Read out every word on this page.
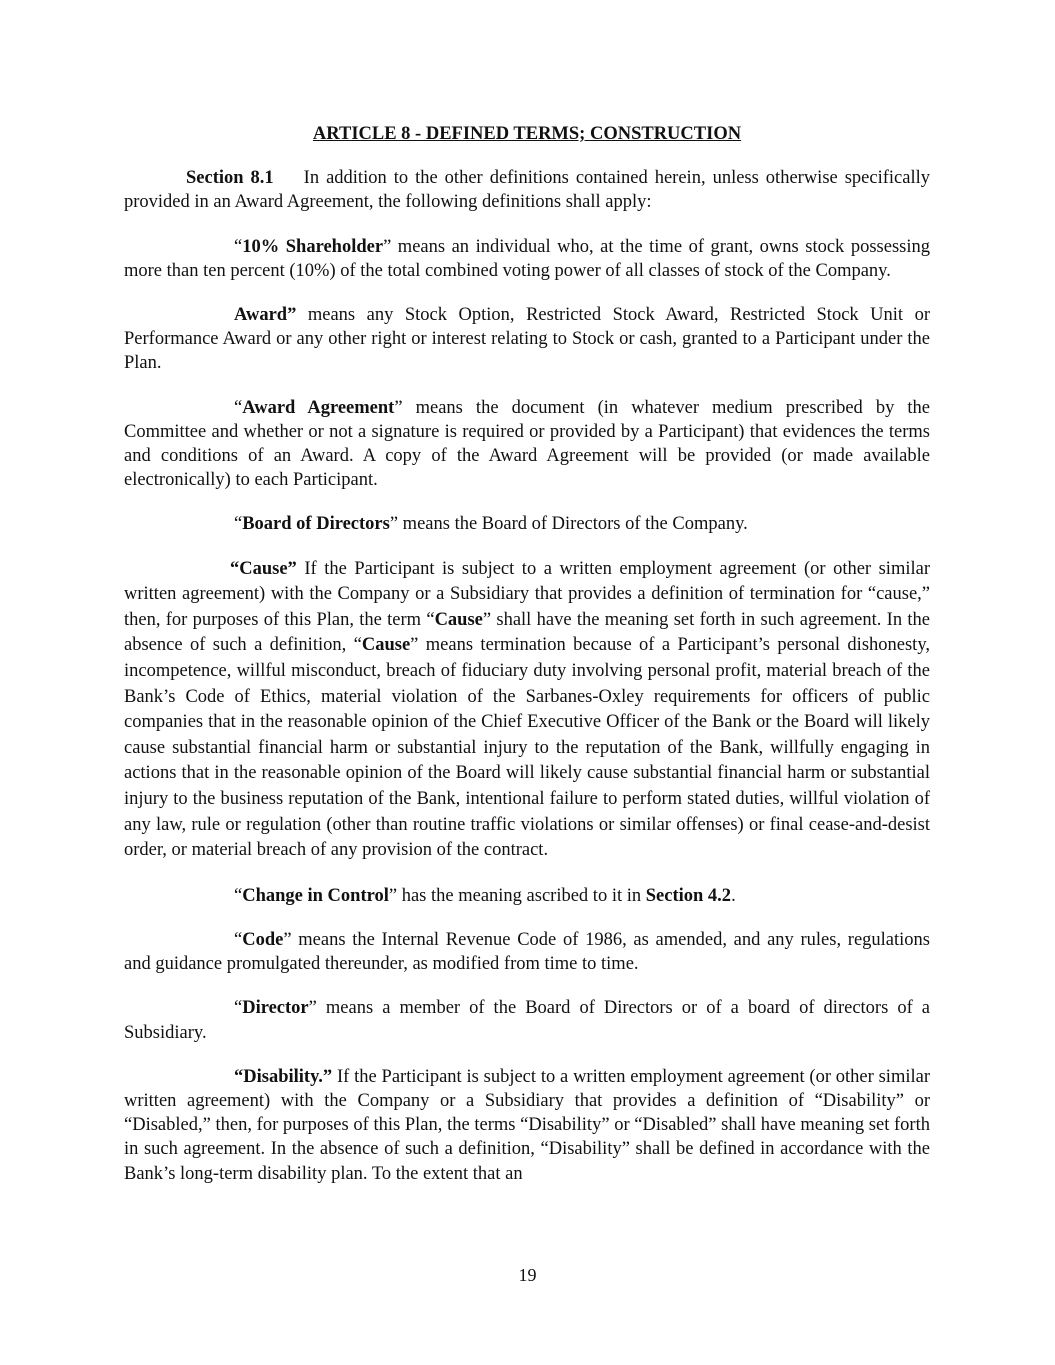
ARTICLE 8 - DEFINED TERMS; CONSTRUCTION

Section 8.1 In addition to the other definitions contained herein, unless otherwise specifically provided in an Award Agreement, the following definitions shall apply:

“10% Shareholder” means an individual who, at the time of grant, owns stock possessing more than ten percent (10%) of the total combined voting power of all classes of stock of the Company.

Award” means any Stock Option, Restricted Stock Award, Restricted Stock Unit or Performance Award or any other right or interest relating to Stock or cash, granted to a Participant under the Plan.

“Award Agreement” means the document (in whatever medium prescribed by the Committee and whether or not a signature is required or provided by a Participant) that evidences the terms and conditions of an Award. A copy of the Award Agreement will be provided (or made available electronically) to each Participant.

“Board of Directors” means the Board of Directors of the Company.

“Cause” If the Participant is subject to a written employment agreement (or other similar written agreement) with the Company or a Subsidiary that provides a definition of termination for “cause,” then, for purposes of this Plan, the term “Cause” shall have the meaning set forth in such agreement. In the absence of such a definition, “Cause” means termination because of a Participant’s personal dishonesty, incompetence, willful misconduct, breach of fiduciary duty involving personal profit, material breach of the Bank’s Code of Ethics, material violation of the Sarbanes-Oxley requirements for officers of public companies that in the reasonable opinion of the Chief Executive Officer of the Bank or the Board will likely cause substantial financial harm or substantial injury to the reputation of the Bank, willfully engaging in actions that in the reasonable opinion of the Board will likely cause substantial financial harm or substantial injury to the business reputation of the Bank, intentional failure to perform stated duties, willful violation of any law, rule or regulation (other than routine traffic violations or similar offenses) or final cease-and-desist order, or material breach of any provision of the contract.

“Change in Control” has the meaning ascribed to it in Section 4.2.

“Code” means the Internal Revenue Code of 1986, as amended, and any rules, regulations and guidance promulgated thereunder, as modified from time to time.

“Director” means a member of the Board of Directors or of a board of directors of a Subsidiary.

“Disability.” If the Participant is subject to a written employment agreement (or other similar written agreement) with the Company or a Subsidiary that provides a definition of “Disability” or “Disabled,” then, for purposes of this Plan, the terms “Disability” or “Disabled” shall have meaning set forth in such agreement. In the absence of such a definition, “Disability” shall be defined in accordance with the Bank’s long-term disability plan. To the extent that an

19
